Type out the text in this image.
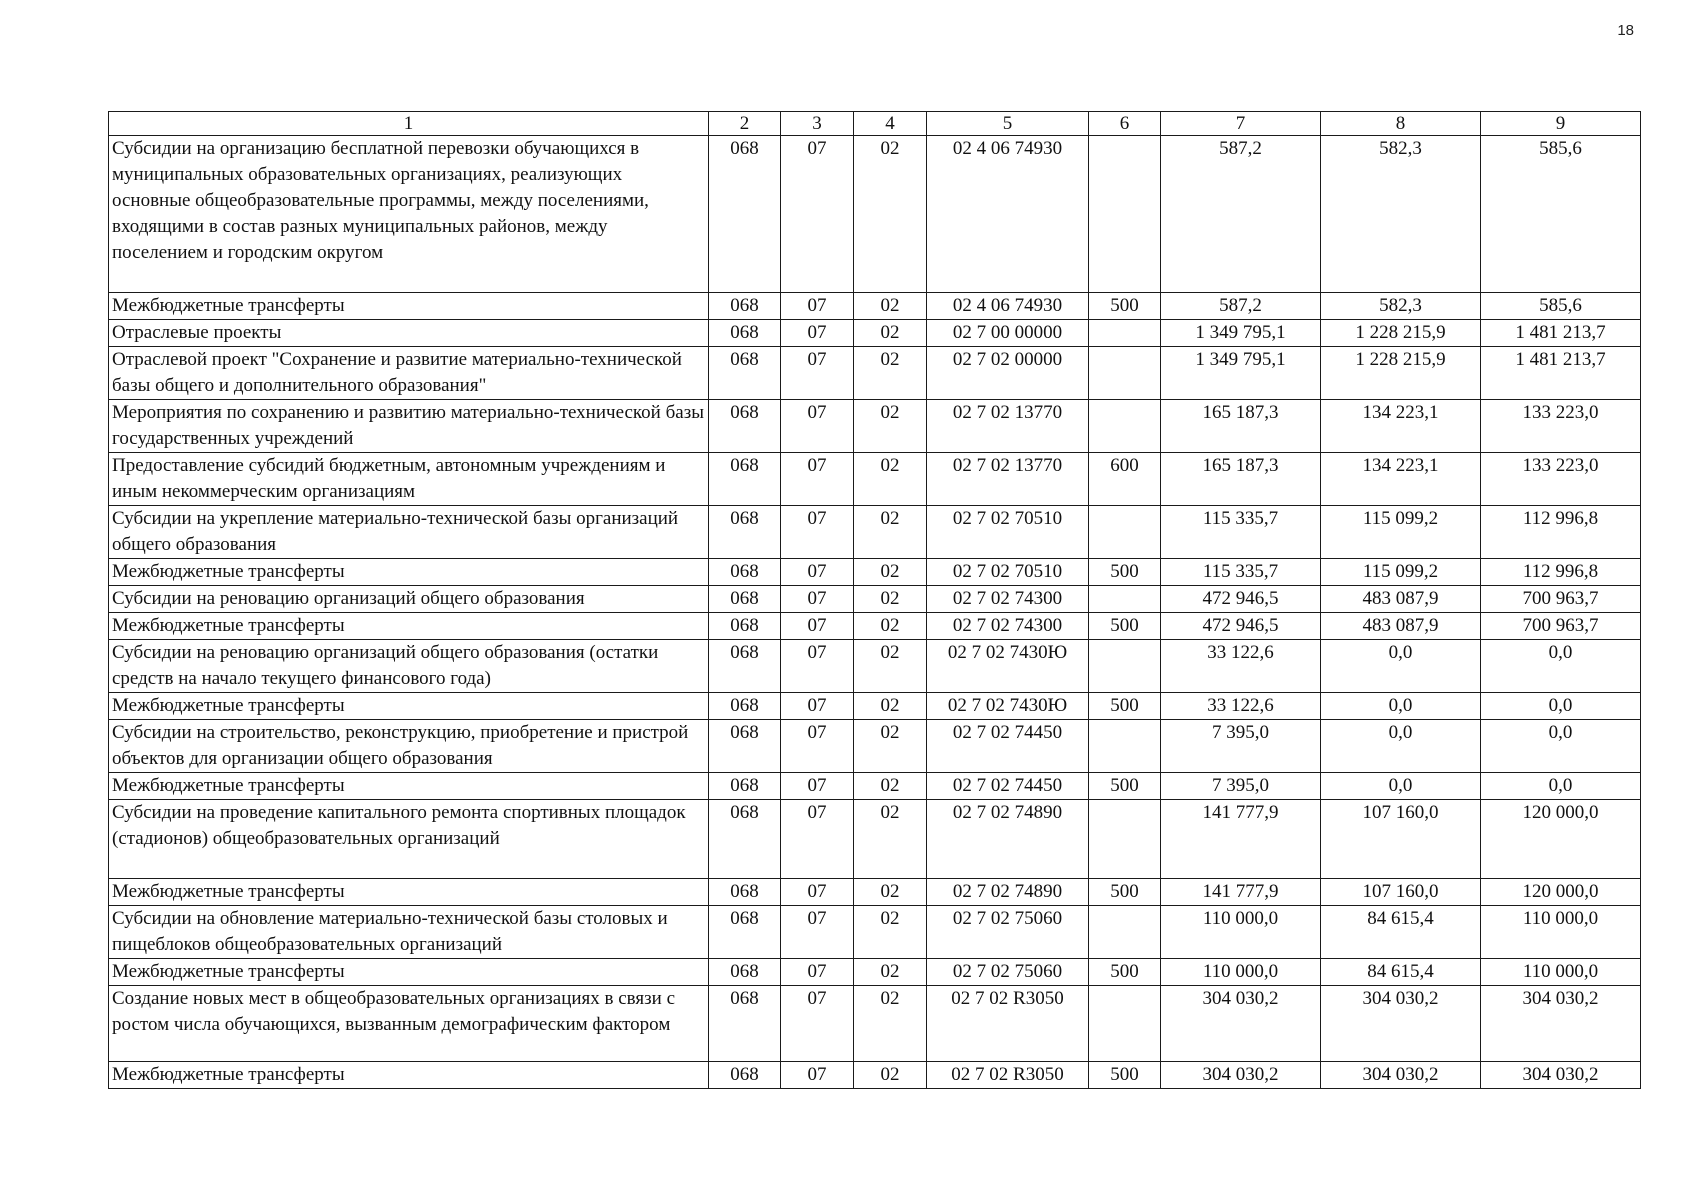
18
1	2	3	4	5	6	7	8	9
Субсидии на организацию бесплатной перевозки обучающихся в муниципальных образовательных организациях, реализующих основные общеобразовательные программы, между поселениями, входящими в состав разных муниципальных районов, между поселением и городским округом	068	07	02	02 4 06 74930		587,2	582,3	585,6
Межбюджетные трансферты	068	07	02	02 4 06 74930	500	587,2	582,3	585,6
Отраслевые проекты	068	07	02	02 7 00 00000		1 349 795,1	1 228 215,9	1 481 213,7
Отраслевой проект "Сохранение и развитие материально-технической базы общего и дополнительного образования"	068	07	02	02 7 02 00000		1 349 795,1	1 228 215,9	1 481 213,7
Мероприятия по сохранению и развитию материально-технической базы государственных учреждений	068	07	02	02 7 02 13770		165 187,3	134 223,1	133 223,0
Предоставление субсидий бюджетным, автономным учреждениям и иным некоммерческим организациям	068	07	02	02 7 02 13770	600	165 187,3	134 223,1	133 223,0
Субсидии на укрепление материально-технической базы организаций общего образования	068	07	02	02 7 02 70510		115 335,7	115 099,2	112 996,8
Межбюджетные трансферты	068	07	02	02 7 02 70510	500	115 335,7	115 099,2	112 996,8
Субсидии на реновацию организаций общего образования	068	07	02	02 7 02 74300		472 946,5	483 087,9	700 963,7
Межбюджетные трансферты	068	07	02	02 7 02 74300	500	472 946,5	483 087,9	700 963,7
Субсидии на реновацию организаций общего образования (остатки средств на начало текущего финансового года)	068	07	02	02 7 02 7430Ю		33 122,6	0,0	0,0
Межбюджетные трансферты	068	07	02	02 7 02 7430Ю	500	33 122,6	0,0	0,0
Субсидии на строительство, реконструкцию, приобретение и пристрой объектов для организации общего образования	068	07	02	02 7 02 74450		7 395,0	0,0	0,0
Межбюджетные трансферты	068	07	02	02 7 02 74450	500	7 395,0	0,0	0,0
Субсидии на проведение капитального ремонта спортивных площадок (стадионов) общеобразовательных организаций	068	07	02	02 7 02 74890		141 777,9	107 160,0	120 000,0
Межбюджетные трансферты	068	07	02	02 7 02 74890	500	141 777,9	107 160,0	120 000,0
Субсидии на обновление материально-технической базы столовых и пищеблоков общеобразовательных организаций	068	07	02	02 7 02 75060		110 000,0	84 615,4	110 000,0
Межбюджетные трансферты	068	07	02	02 7 02 75060	500	110 000,0	84 615,4	110 000,0
Создание новых мест в общеобразовательных организациях в связи с ростом числа обучающихся, вызванным демографическим фактором	068	07	02	02 7 02 R3050		304 030,2	304 030,2	304 030,2
Межбюджетные трансферты	068	07	02	02 7 02 R3050	500	304 030,2	304 030,2	304 030,2
